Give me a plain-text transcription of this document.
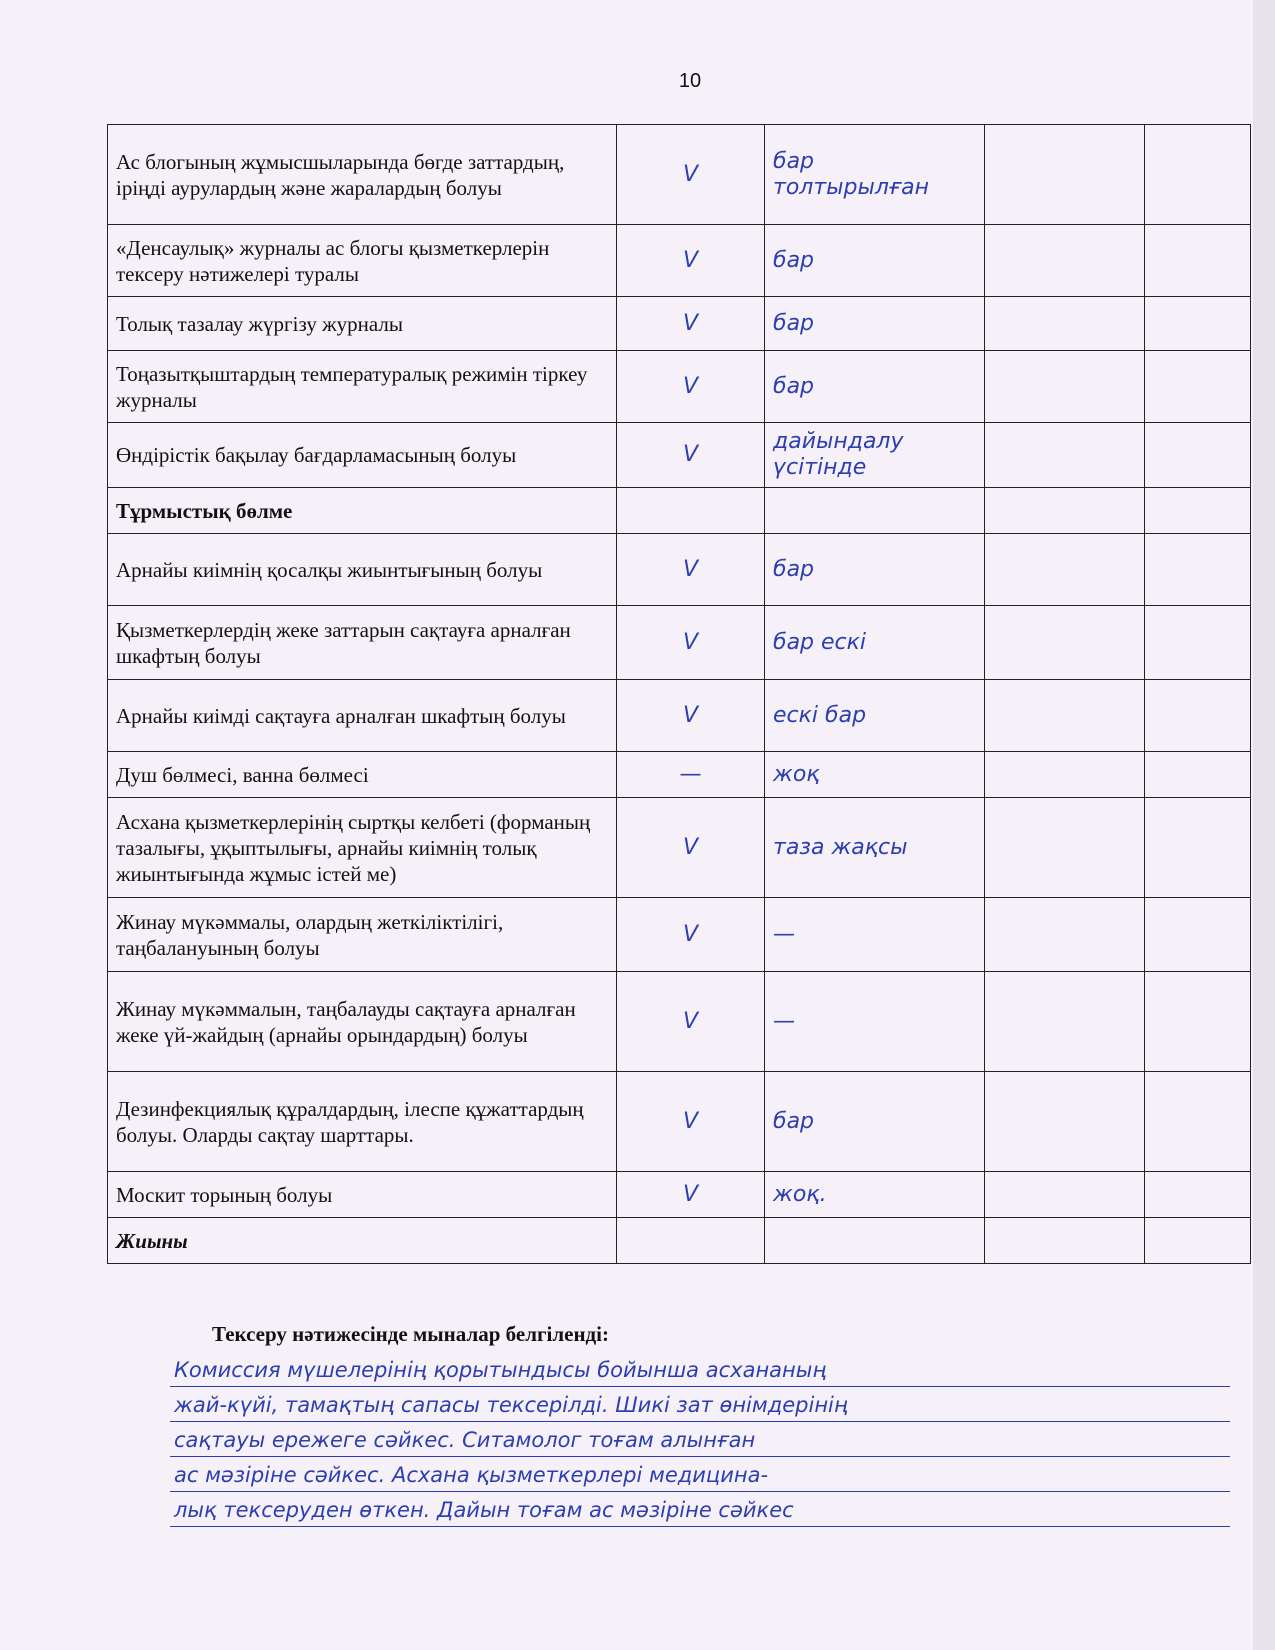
10
Ас блогының жұмысшыларында бөгде заттардың, іріңді аурулардың және жаралардың болуы	V	бар толтырылған		
«Денсаулық» журналы ас блогы қызметкерлерін тексеру нәтижелері туралы	V	бар		
Толық тазалау жүргізу журналы	V	бар		
Тоңазытқыштардың температуралық режимін тіркеу журналы	V	бар		
Өндірістік бақылау бағдарламасының болуы	V	дайындалу үсітінде		
Тұрмыстық бөлме				
Арнайы киімнің қосалқы жиынтығының болуы	V	бар		
Қызметкерлердің жеке заттарын сақтауға арналған шкафтың болуы	V	бар ескі		
Арнайы киімді сақтауға арналған шкафтың болуы	V	ескі бар		
Душ бөлмесі, ванна бөлмесі	—	жоқ		
Асхана қызметкерлерінің сыртқы келбеті (форманың тазалығы, ұқыптылығы, арнайы киімнің толық жиынтығында жұмыс істей ме)	V	таза жақсы		
Жинау мүкәммалы, олардың жеткіліктілігі, таңбалануының болуы	V	—		
Жинау мүкәммалын, таңбалауды сақтауға арналған жеке үй-жайдың (арнайы орындардың) болуы	V	—		
Дезинфекциялық құралдардың, ілеспе құжаттардың болуы. Оларды сақтау шарттары.	V	бар		
Москит торының болуы	V	жоқ.		
Жиыны				
Тексеру нәтижесінде мыналар белгіленді:
Комиссия мүшелерінің қорытындысы бойынша асхананың
жай-күйі, тамақтың сапасы тексерілді. Шикі зат өнімдерінің
сақтауы ережеге сәйкес. Ситамолог тоғам алынған
ас мәзіріне сәйкес. Асхана қызметкерлері медицина-
лық тексеруден өткен. Дайын тоғам ас мәзіріне сәйкес
